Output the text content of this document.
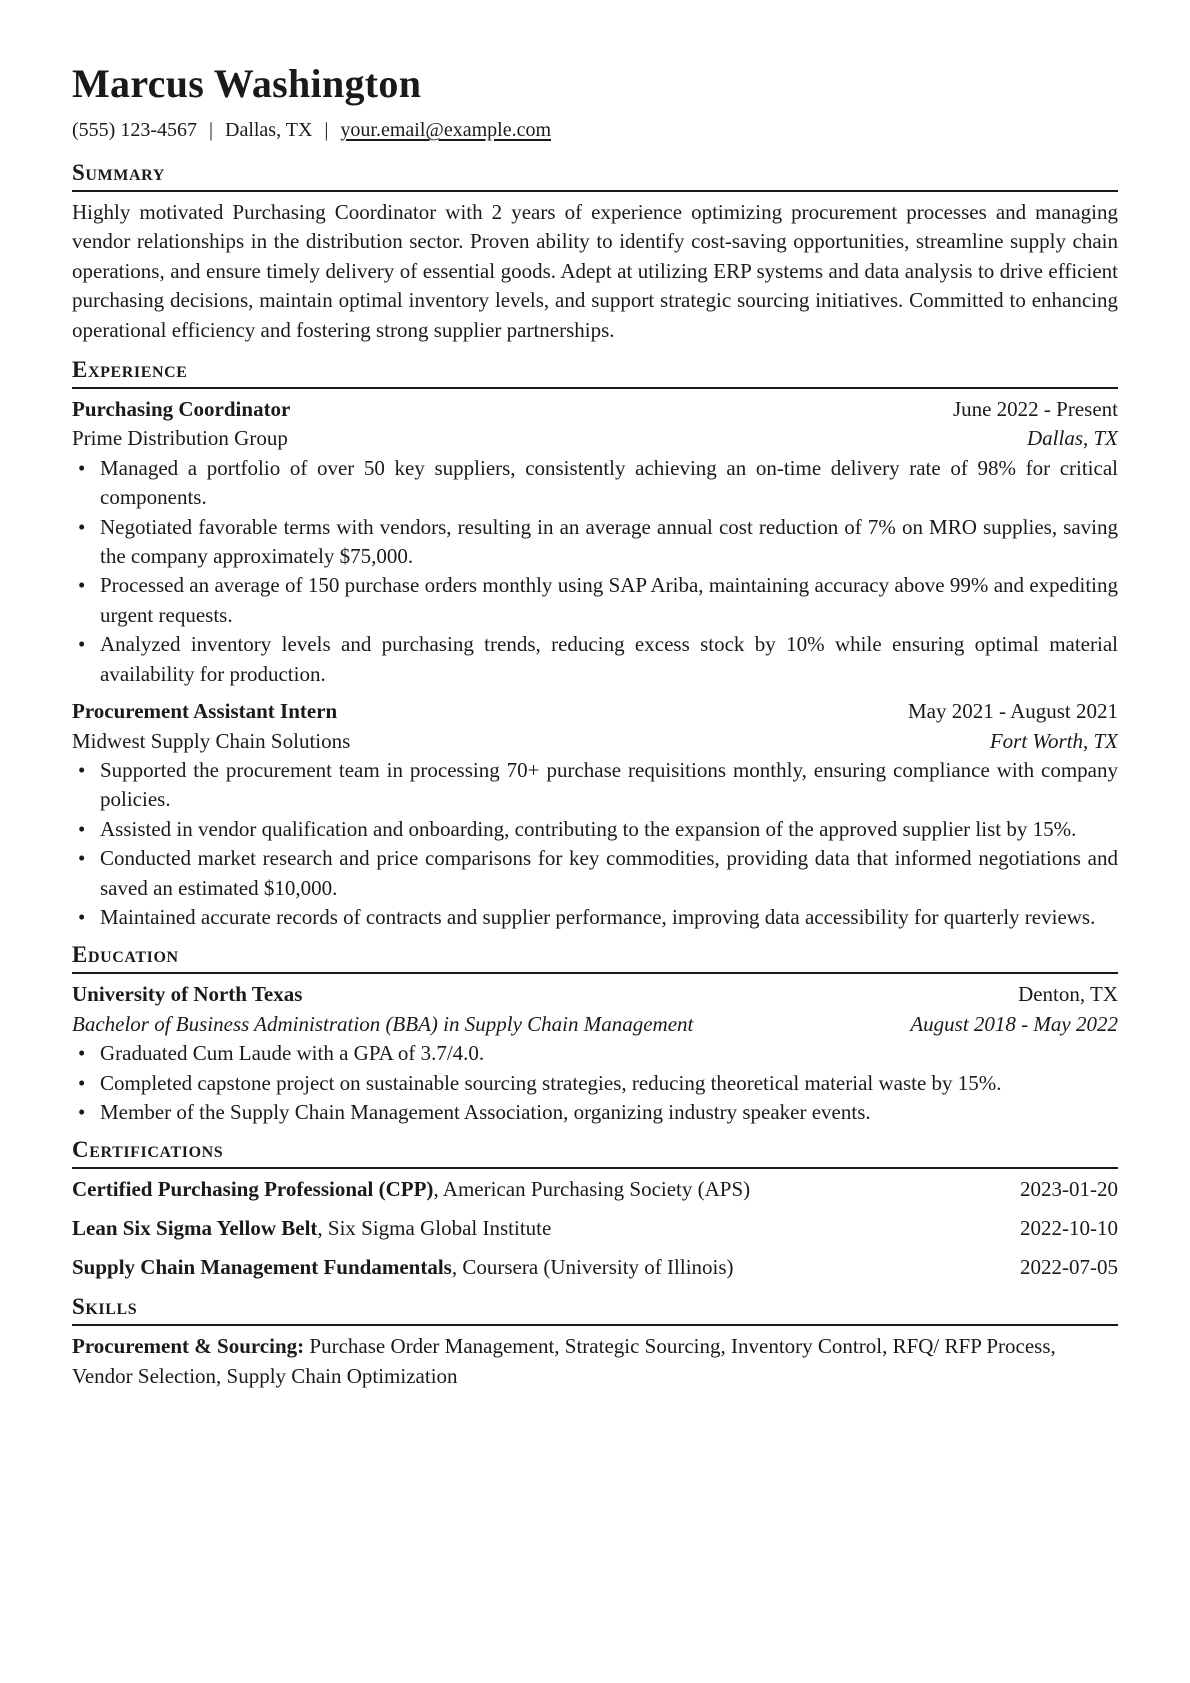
Marcus Washington
(555) 123-4567 | Dallas, TX | your.email@example.com
Summary

Highly motivated Purchasing Coordinator with 2 years of experience optimizing procurement processes and managing vendor relationships in the distribution sector. Proven ability to identify cost-saving opportunities, streamline supply chain operations, and ensure timely delivery of essential goods. Adept at utilizing ERP systems and data analysis to drive efficient purchasing decisions, maintain optimal inventory levels, and support strategic sourcing initiatives. Committed to enhancing operational efficiency and fostering strong supplier partnerships.

Experience
Purchasing Coordinator	June 2022 - Present
Prime Distribution Group	Dallas, TX
• Managed a portfolio of over 50 key suppliers, consistently achieving an on-time delivery rate of 98% for critical components.
• Negotiated favorable terms with vendors, resulting in an average annual cost reduction of 7% on MRO supplies, saving the company approximately $75,000.
• Processed an average of 150 purchase orders monthly using SAP Ariba, maintaining accuracy above 99% and expediting urgent requests.
• Analyzed inventory levels and purchasing trends, reducing excess stock by 10% while ensuring optimal material availability for production.
Procurement Assistant Intern	May 2021 - August 2021
Midwest Supply Chain Solutions	Fort Worth, TX
• Supported the procurement team in processing 70+ purchase requisitions monthly, ensuring compliance with company policies.
• Assisted in vendor qualification and onboarding, contributing to the expansion of the approved supplier list by 15%.
• Conducted market research and price comparisons for key commodities, providing data that informed negotiations and saved an estimated $10,000.
• Maintained accurate records of contracts and supplier performance, improving data accessibility for quarterly reviews.
Education
University of North Texas	Denton, TX
Bachelor of Business Administration (BBA) in Supply Chain Management	August 2018 - May 2022
• Graduated Cum Laude with a GPA of 3.7/4.0.
• Completed capstone project on sustainable sourcing strategies, reducing theoretical material waste by 15%.
• Member of the Supply Chain Management Association, organizing industry speaker events.
Certifications
Certified Purchasing Professional (CPP), American Purchasing Society (APS)	2023-01-20
Lean Six Sigma Yellow Belt, Six Sigma Global Institute	2022-10-10
Supply Chain Management Fundamentals, Coursera (University of Illinois)	2022-07-05
Skills
Procurement & Sourcing: Purchase Order Management, Strategic Sourcing, Inventory Control, RFQ/ RFP Process, Vendor Selection, Supply Chain Optimization
